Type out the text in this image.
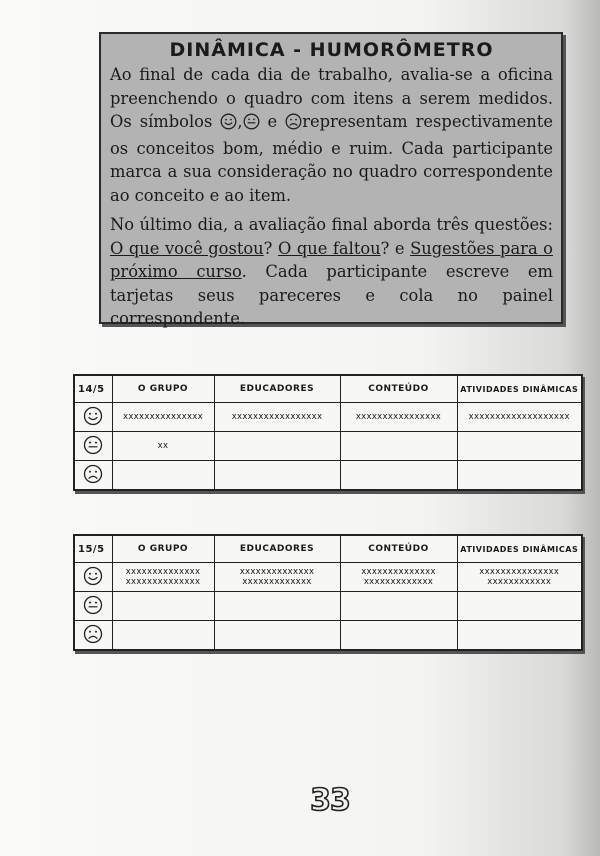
DINÂMICA - HUMORÔMETRO

Ao final de cada dia de trabalho, avalia-se a oficina preenchendo o quadro com itens a serem medidos. Os símbolos , e representam respectivamente os conceitos bom, médio e ruim. Cada participante marca a sua consideração no quadro correspondente ao conceito e ao item.

No último dia, a avaliação final aborda três questões: O que você gostou? O que faltou? e Sugestões para o próximo curso. Cada participante escreve em tarjetas seus pareceres e cola no painel correspondente.

14/5	O GRUPO	EDUCADORES	CONTEÚDO	ATIVIDADES DINÂMICAS
	xxxxxxxxxxxxxxx	xxxxxxxxxxxxxxxxx	xxxxxxxxxxxxxxxx	xxxxxxxxxxxxxxxxxxx
	xx			

15/5	O GRUPO	EDUCADORES	CONTEÚDO	ATIVIDADES DINÂMICAS
	xxxxxxxxxxxxxx xxxxxxxxxxxxxx	xxxxxxxxxxxxxx xxxxxxxxxxxxx	xxxxxxxxxxxxxx xxxxxxxxxxxxx	xxxxxxxxxxxxxxx xxxxxxxxxxxx

33
